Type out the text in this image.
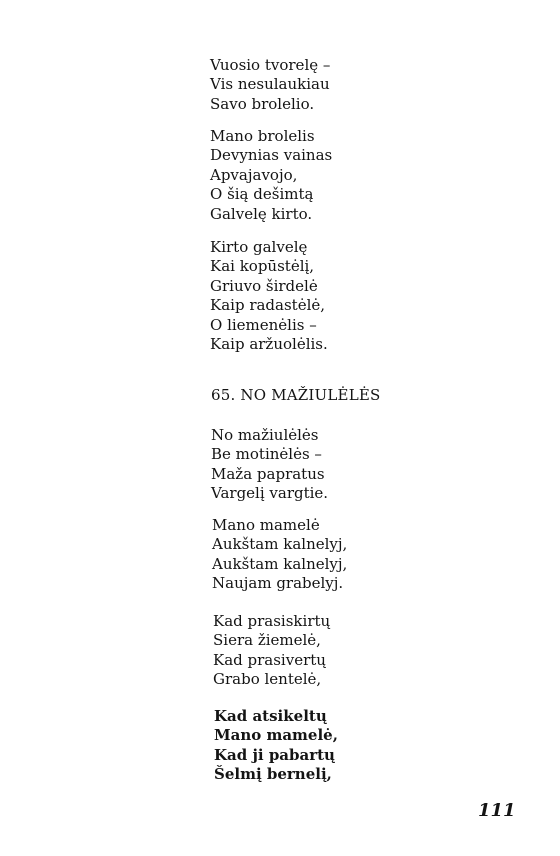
Vuosio tvorelę –
Vis nesulaukiau
Savo brolelio.
Mano brolelis
Devynias vainas
Apvajavojo,
O šią dešimtą
Galvelę kirto.
Kirto galvelę
Kai kopūstėlį,
Griuvo širdelė
Kaip radastėlė,
O liemenėlis –
Kaip aržuolėlis.
65. NO MAŽIULĖLĖS
No mažiulėlės
Be motinėlės –
Maža papratus
Vargelį vargtie.
Mano mamelė
Aukštam kalnelyj,
Aukštam kalnelyj,
Naujam grabelyj.
Kad prasiskirtų
Siera žiemelė,
Kad prasivertų
Grabo lentelė,
Kad atsikeltų
Mano mamelė,
Kad ji pabartų
Šelmį bernelį,
111
